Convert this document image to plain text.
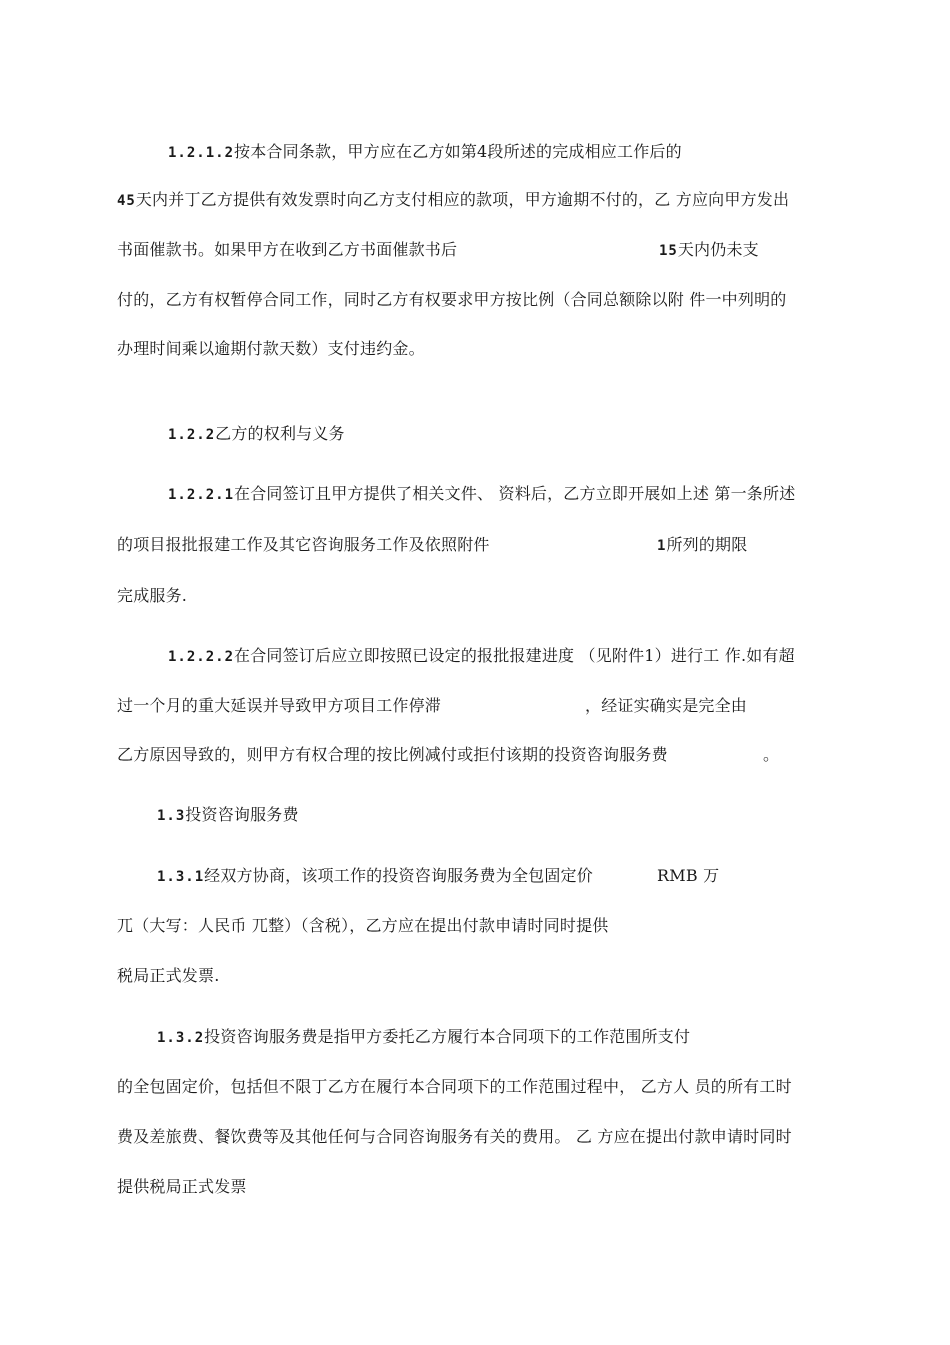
1.2.1.2按本合同条款，甲方应在乙方如第4段所述的完成相应工作后的
45天内并丁乙方提供有效发票时向乙方支付相应的款项，甲方逾期不付的，乙 方应向甲方发出
书面催款书。如果甲方在收到乙方书面催款书后	15天内仍未支
付的，乙方有权暂停合同工作，同时乙方有权要求甲方按比例（合同总额除以附 件一中列明的
办理时间乘以逾期付款天数）支付违约金。
1.2.2乙方的权利与义务
1.2.2.1在合同签订且甲方提供了相关文件、 资料后，乙方立即开展如上述 第一条所述
的项目报批报建工作及其它咨询服务工作及依照附件	1所列的期限
完成服务.
1.2.2.2在合同签订后应立即按照已设定的报批报建进度 （见附件1）进行工 作.如有超
过一个月的重大延误并导致甲方项目工作停滞	，经证实确实是完全由
乙方原因导致的，则甲方有权合理的按比例减付或拒付该期的投资咨询服务费	。
1.3投资咨询服务费
1.3.1经双方协商，该项工作的投资咨询服务费为全包固定价	RMB 万
兀（大写：人民币 兀整）（含税），乙方应在提出付款申请时同时提供
税局正式发票.
1.3.2投资咨询服务费是指甲方委托乙方履行本合同项下的工作范围所支付
的全包固定价，包括但不限丁乙方在履行本合同项下的工作范围过程中， 乙方人 员的所有工时
费及差旅费、餐饮费等及其他任何与合同咨询服务有关的费用。 乙 方应在提出付款申请时同时
提供税局正式发票
